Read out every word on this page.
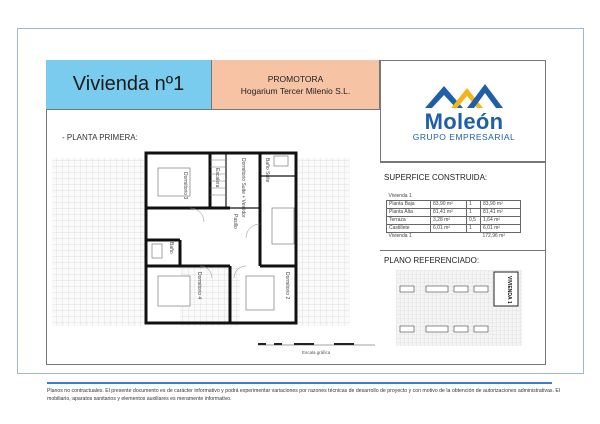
Vivienda nº1	PROMOTORA
Hogarium Tercer Milenio S.L.
Moleón
GRUPO EMPRESARIAL
- PLANTA PRIMERA:
Dormitorio 3	Escalera	Baño Suite
Dormitorio Suite + Vestidor
Pasillo
Baño
Dormitorio 4	Dormitorio 2
Escala gráfica
SUPERFICE CONSTRUIDA:
Vivienda 1			
Planta Baja	83,90 m²	1	83,90 m²
Planta Alta	81,41 m²	1	81,41 m²
Terraza	3,28 m²	0,5	1,64 m²
Castillete	6,01 m²	1	6,01 m²
Vivienda 1			172,96 m²
PLANO REFERENCIADO:
VIVIENDA 1
Planos no contractuales. El presente documento es de carácter informativo y podrá experimentar variaciones por razones técnicas de desarrollo de proyecto y con motivo de la obtención de autorizaciones administrativas. El mobiliario, aparatos sanitarios y elementos auxiliares es meramente informativo.
